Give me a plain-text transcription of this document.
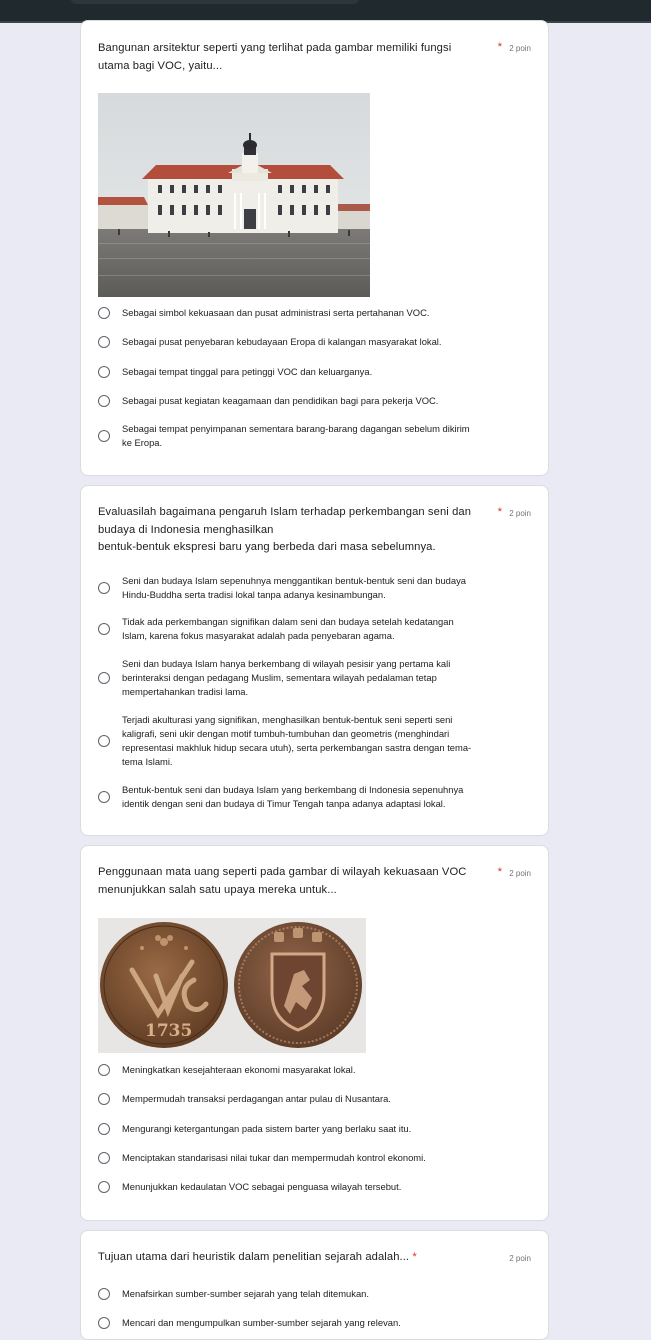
Bangunan arsitektur seperti yang terlihat pada gambar memiliki fungsi
utama bagi VOC, yaitu...
* 2 poin
Sebagai simbol kekuasaan dan pusat administrasi serta pertahanan VOC.
Sebagai pusat penyebaran kebudayaan Eropa di kalangan masyarakat lokal.
Sebagai tempat tinggal para petinggi VOC dan keluarganya.
Sebagai pusat kegiatan keagamaan dan pendidikan bagi para pekerja VOC.
Sebagai tempat penyimpanan sementara barang-barang dagangan sebelum dikirim
ke Eropa.
Evaluasilah bagaimana pengaruh Islam terhadap perkembangan seni dan
budaya di Indonesia menghasilkan
bentuk-bentuk ekspresi baru yang berbeda dari masa sebelumnya.
* 2 poin
Seni dan budaya Islam sepenuhnya menggantikan bentuk-bentuk seni dan budaya
Hindu-Buddha serta tradisi lokal tanpa adanya kesinambungan.
Tidak ada perkembangan signifikan dalam seni dan budaya setelah kedatangan
Islam, karena fokus masyarakat adalah pada penyebaran agama.
Seni dan budaya Islam hanya berkembang di wilayah pesisir yang pertama kali
berinteraksi dengan pedagang Muslim, sementara wilayah pedalaman tetap
mempertahankan tradisi lama.
Terjadi akulturasi yang signifikan, menghasilkan bentuk-bentuk seni seperti seni
kaligrafi, seni ukir dengan motif tumbuh-tumbuhan dan geometris (menghindari
representasi makhluk hidup secara utuh), serta perkembangan sastra dengan tema-
tema Islami.
Bentuk-bentuk seni dan budaya Islam yang berkembang di Indonesia sepenuhnya
identik dengan seni dan budaya di Timur Tengah tanpa adanya adaptasi lokal.
Penggunaan mata uang seperti pada gambar di wilayah kekuasaan VOC
menunjukkan salah satu upaya mereka untuk...
* 2 poin
1735
Meningkatkan kesejahteraan ekonomi masyarakat lokal.
Mempermudah transaksi perdagangan antar pulau di Nusantara.
Mengurangi ketergantungan pada sistem barter yang berlaku saat itu.
Menciptakan standarisasi nilai tukar dan mempermudah kontrol ekonomi.
Menunjukkan kedaulatan VOC sebagai penguasa wilayah tersebut.
Tujuan utama dari heuristik dalam penelitian sejarah adalah... *	2 poin
Menafsirkan sumber-sumber sejarah yang telah ditemukan.
Mencari dan mengumpulkan sumber-sumber sejarah yang relevan.
